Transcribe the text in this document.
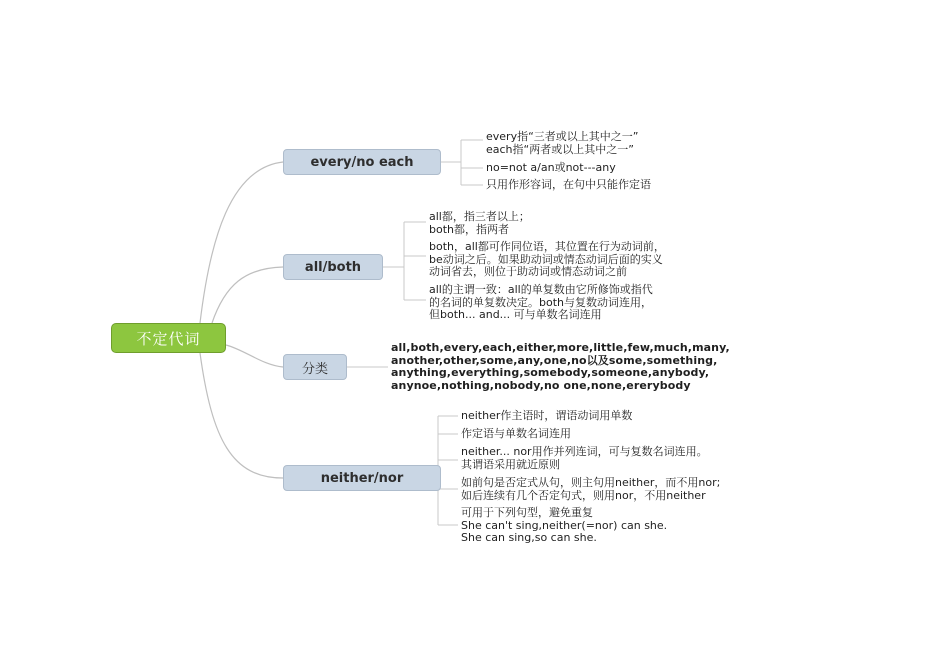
不定代词
every/no each
all/both
分类
neither/nor
every指“三者或以上其中之一”
each指“两者或以上其中之一”
no=not a/an或not---any
只用作形容词，在句中只能作定语
all都，指三者以上；
both都，指两者
both，all都可作同位语，其位置在行为动词前，
be动词之后。如果助动词或情态动词后面的实义
动词省去，则位于助动词或情态动词之前
all的主谓一致：all的单复数由它所修饰或指代
的名词的单复数决定。both与复数动词连用，
但both... and... 可与单数名词连用
all,both,every,each,either,more,little,few,much,many,
another,other,some,any,one,no以及some,something,
anything,everything,somebody,someone,anybody,
anynoe,nothing,nobody,no one,none,ererybody
neither作主语时，谓语动词用单数
作定语与单数名词连用
neither... nor用作并列连词，可与复数名词连用。
其谓语采用就近原则
如前句是否定式从句，则主句用neither，而不用nor;
如后连续有几个否定句式，则用nor，不用neither
可用于下列句型，避免重复
She can't sing,neither(=nor) can she.
She can sing,so can she.
